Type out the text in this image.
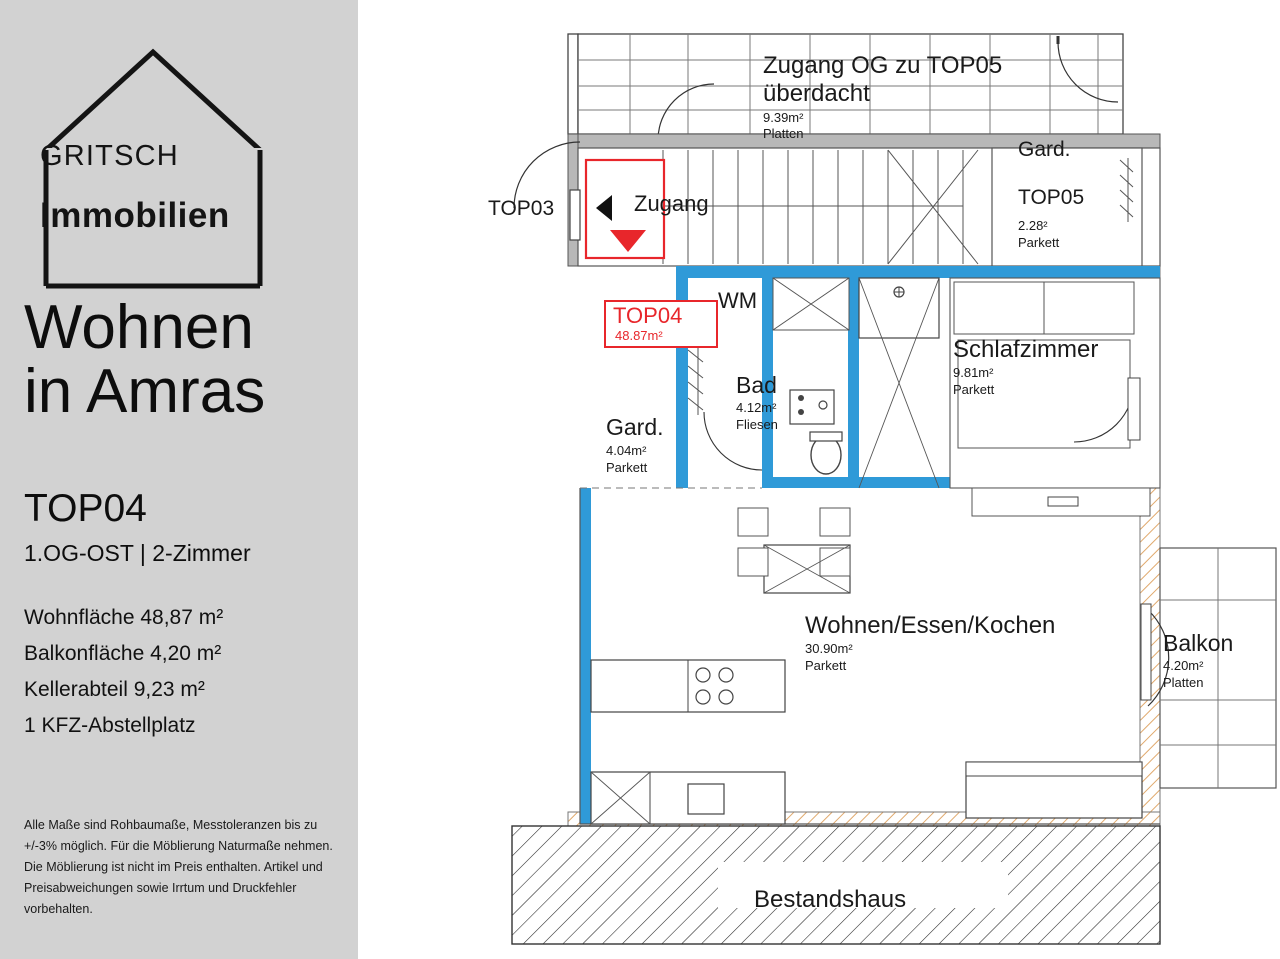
GRITSCH
Immobilien
Wohnen
in Amras
TOP04
1.OG-OST | 2-Zimmer
Wohnfläche 48,87 m²
Balkonfläche 4,20 m²
Kellerabteil 9,23 m²
1 KFZ-Abstellplatz
Alle Maße sind Rohbaumaße, Messtoleranzen bis zu +/-3% möglich. Für die Möblierung Naturmaße nehmen. Die Möblierung ist nicht im Preis enthalten. Artikel und Preisabweichungen sowie Irrtum und Druckfehler vorbehalten.
Zugang OG zu TOP05
überdacht
9.39m²
Platten
TOP03	Zugang
Gard.
TOP05
2.28²
Parkett
TOP04
48.87m²
WM
Bad
4.12m²
Fliesen
Gard.
4.04m²
Parkett
Schlafzimmer
9.81m²
Parkett
Wohnen/Essen/Kochen
30.90m²
Parkett
Balkon
4.20m²
Platten
Bestandshaus
